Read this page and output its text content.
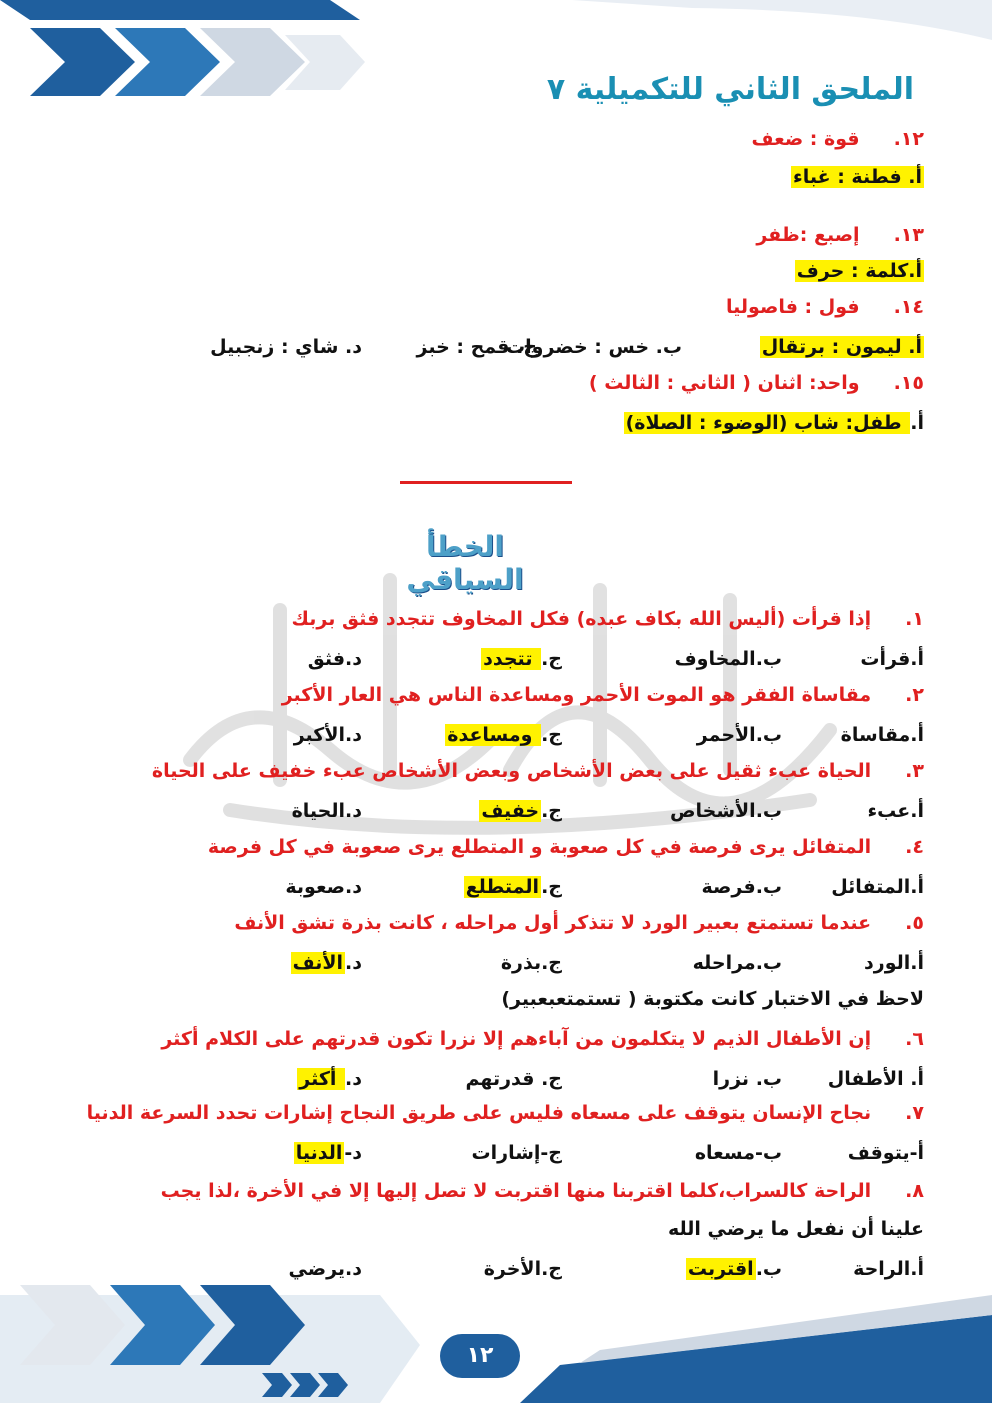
الملحق الثاني للتكميلية ٧
١٢.قوة : ضعف
أ. فطنة : غباء
١٣.إصبع :ظفر
أ.كلمة : حرف
١٤.فول : فاصوليا
أ. ليمون : برتقال
ب. خس : خضروات
ج. قمح : خبز
د. شاي : زنجبيل
١٥.واحد: اثنان ( الثاني : الثالث )
أ. طفل: شاب (الوضوء : الصلاة)
الخطأ السياقي
١.إذا قرأت (أليس الله بكاف عبده) فكل المخاوف تتجدد فثق بربك
أ.قرأت
ب.المخاوف
ج. تتجدد
د.فثق
٢.مقاساة الفقر هو الموت الأحمر ومساعدة الناس هي العار الأكبر
أ.مقاساة
ب.الأحمر
ج. ومساعدة
د.الأكبر
٣.الحياة عبء ثقيل على بعض الأشخاص وبعض الأشخاص عبء خفيف على الحياة
أ.عبء
ب.الأشخاص
ج.خفيف
د.الحياة
٤.المتفائل يرى فرصة في كل صعوبة و المتطلع يرى صعوبة في كل فرصة
أ.المتفائل
ب.فرصة
ج.المتطلع
د.صعوبة
٥.عندما تستمتع بعبير الورد لا تتذكر أول مراحله ، كانت بذرة تشق الأنف
أ.الورد
ب.مراحله
ج.بذرة
د.الأنف
٦.إن الأطفال الذيم لا يتكلمون من آباءهم إلا نزرا تكون قدرتهم على الكلام أكثر
أ. الأطفال
ب. نزرا
ج. قدرتهم
د. أكثر
٧.نجاح الإنسان يتوقف على مسعاه فليس على طريق النجاح إشارات تحدد السرعة الدنيا
أ-يتوقف
ب-مسعاه
ج-إشارات
د-الدنيا
٨.الراحة كالسراب،كلما اقتربنا منها اقتربت لا تصل إليها إلا في الأخرة ،لذا يجب
علينا أن نفعل ما يرضي الله
أ.الراحة
ب.اقتربت
ج.الأخرة
د.يرضي
لاحظ في الاختبار كانت مكتوبة ( تستمتعبعبير)
١٢
